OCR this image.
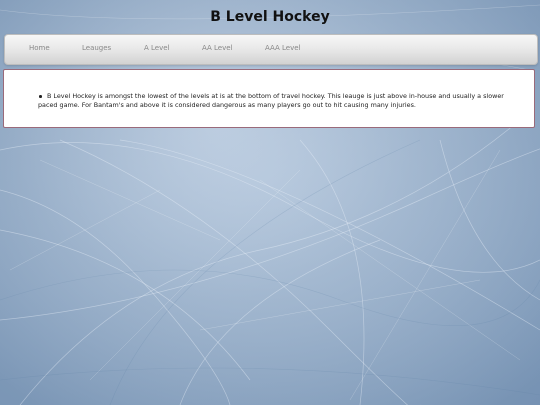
B Level Hockey
Home	Leauges	A Level	AA Level	AAA Level
B Level Hockey is amongst the lowest of the levels at is at the bottom of travel hockey. This leauge is just above in-house and usually a slower paced game. For Bantam's and above it is considered dangerous as many players go out to hit causing many injuries.
